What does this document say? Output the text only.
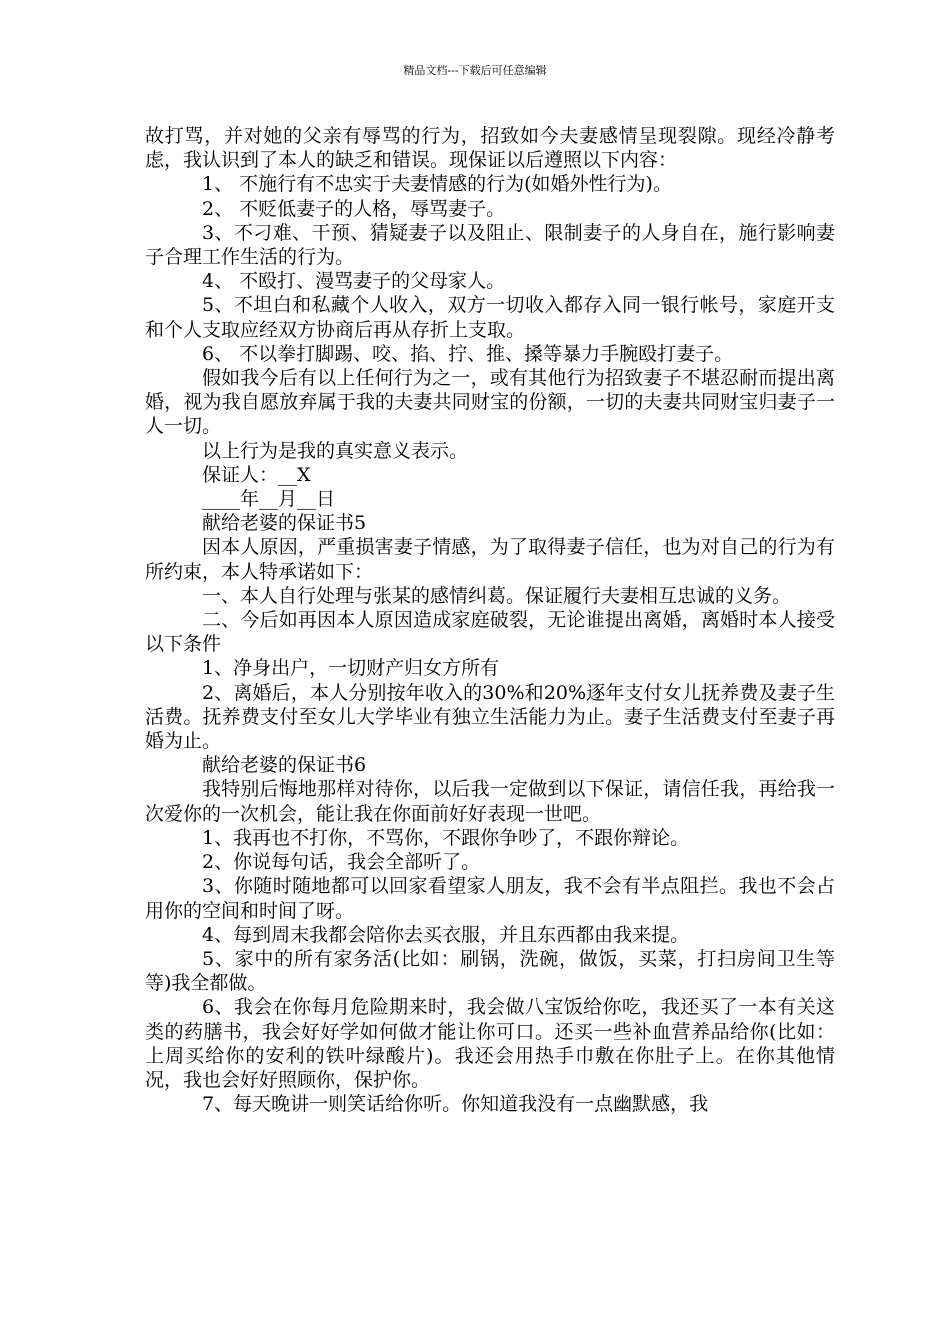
精品文档---下载后可任意编辑

故打骂，并对她的父亲有辱骂的行为，招致如今夫妻感情呈现裂隙。现经冷静考虑，我认识到了本人的缺乏和错误。现保证以后遵照以下内容：

1、 不施行有不忠实于夫妻情感的行为(如婚外性行为)。

2、 不贬低妻子的人格，辱骂妻子。

3、不刁难、干预、猜疑妻子以及阻止、限制妻子的人身自在，施行影响妻子合理工作生活的行为。

4、 不殴打、漫骂妻子的父母家人。

5、不坦白和私藏个人收入，双方一切收入都存入同一银行帐号，家庭开支和个人支取应经双方协商后再从存折上支取。

6、 不以拳打脚踢、咬、掐、拧、推、搡等暴力手腕殴打妻子。

假如我今后有以上任何行为之一，或有其他行为招致妻子不堪忍耐而提出离婚，视为我自愿放弃属于我的夫妻共同财宝的份额，一切的夫妻共同财宝归妻子一人一切。

以上行为是我的真实意义表示。

保证人：__X

____年__月__日

献给老婆的保证书5

因本人原因，严重损害妻子情感，为了取得妻子信任，也为对自己的行为有所约束，本人特承诺如下：

一、本人自行处理与张某的感情纠葛。保证履行夫妻相互忠诚的义务。

二、今后如再因本人原因造成家庭破裂，无论谁提出离婚，离婚时本人接受以下条件

1、净身出户，一切财产归女方所有

2、离婚后，本人分别按年收入的30%和20%逐年支付女儿抚养费及妻子生活费。抚养费支付至女儿大学毕业有独立生活能力为止。妻子生活费支付至妻子再婚为止。

献给老婆的保证书6

我特别后悔地那样对待你，以后我一定做到以下保证，请信任我，再给我一次爱你的一次机会，能让我在你面前好好表现一世吧。

1、我再也不打你，不骂你，不跟你争吵了，不跟你辩论。

2、你说每句话，我会全部听了。

3、你随时随地都可以回家看望家人朋友，我不会有半点阻拦。我也不会占用你的空间和时间了呀。

4、每到周末我都会陪你去买衣服，并且东西都由我来提。

5、家中的所有家务活(比如：刷锅，洗碗，做饭，买菜，打扫房间卫生等等)我全都做。

6、我会在你每月危险期来时，我会做八宝饭给你吃，我还买了一本有关这类的药膳书，我会好好学如何做才能让你可口。还买一些补血营养品给你(比如：上周买给你的安利的铁叶绿酸片)。我还会用热手巾敷在你肚子上。在你其他情况，我也会好好照顾你，保护你。

7、每天晚讲一则笑话给你听。你知道我没有一点幽默感，我
